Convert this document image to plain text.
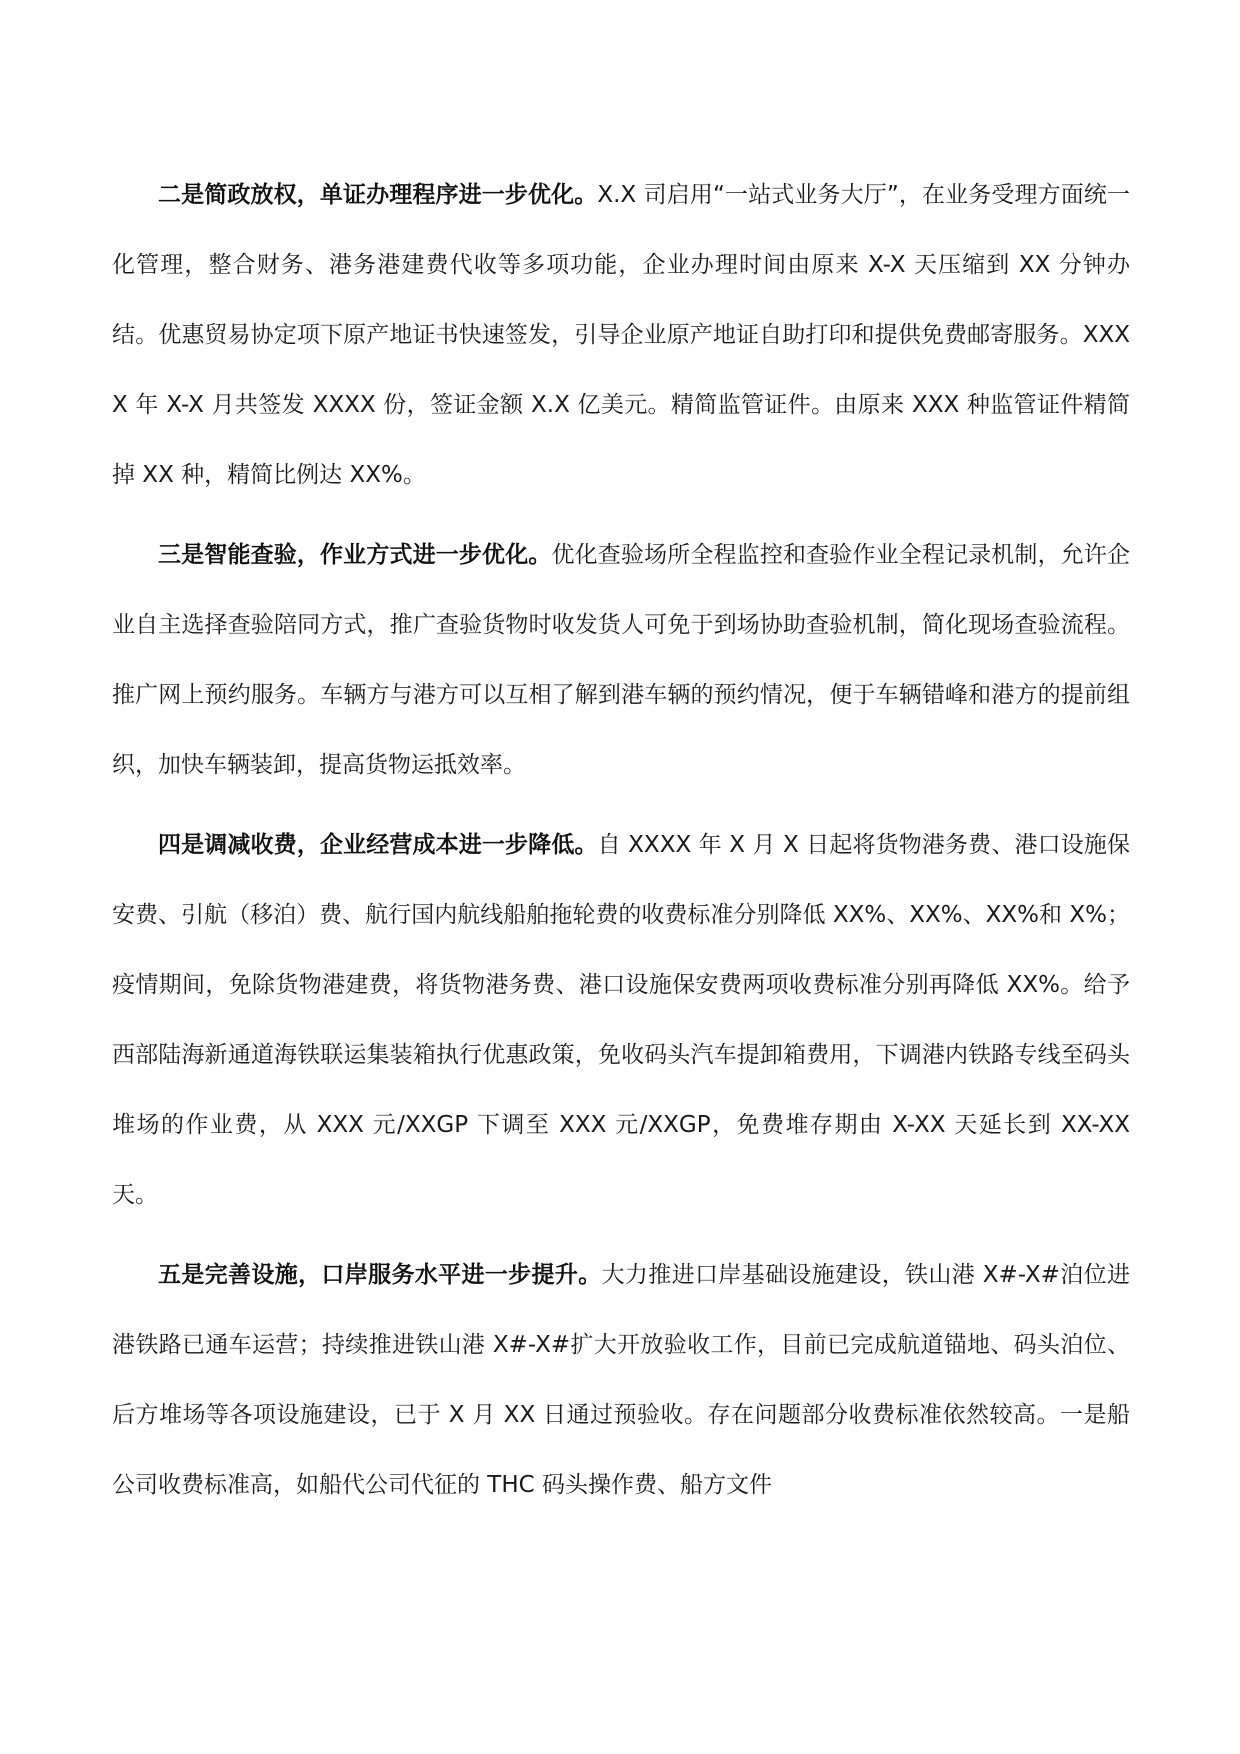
二是简政放权，单证办理程序进一步优化。X.X 司启用“一站式业务大厅”，在业务受理方面统一化管理，整合财务、港务港建费代收等多项功能，企业办理时间由原来 X-X 天压缩到 XX 分钟办结。优惠贸易协定项下原产地证书快速签发，引导企业原产地证自助打印和提供免费邮寄服务。XXXX 年 X-X 月共签发 XXXX 份，签证金额 X.X 亿美元。精简监管证件。由原来 XXX 种监管证件精简掉 XX 种，精简比例达 XX%。

三是智能查验，作业方式进一步优化。优化查验场所全程监控和查验作业全程记录机制，允许企业自主选择查验陪同方式，推广查验货物时收发货人可免于到场协助查验机制，简化现场查验流程。推广网上预约服务。车辆方与港方可以互相了解到港车辆的预约情况，便于车辆错峰和港方的提前组织，加快车辆装卸，提高货物运抵效率。

四是调减收费，企业经营成本进一步降低。自 XXXX 年 X 月 X 日起将货物港务费、港口设施保安费、引航（移泊）费、航行国内航线船舶拖轮费的收费标准分别降低 XX%、XX%、XX%和 X%； 疫情期间，免除货物港建费，将货物港务费、港口设施保安费两项收费标准分别再降低 XX%。给予西部陆海新通道海铁联运集装箱执行优惠政策，免收码头汽车提卸箱费用，下调港内铁路专线至码头堆场的作业费，从 XXX 元/XXGP 下调至 XXX 元/XXGP，免费堆存期由 X-XX 天延长到 XX-XX 天。

五是完善设施，口岸服务水平进一步提升。大力推进口岸基础设施建设，铁山港 X#-X#泊位进港铁路已通车运营；持续推进铁山港 X#-X#扩大开放验收工作，目前已完成航道锚地、码头泊位、后方堆场等各项设施建设，已于 X 月 XX 日通过预验收。存在问题部分收费标准依然较高。一是船公司收费标准高，如船代公司代征的 THC 码头操作费、船方文件
